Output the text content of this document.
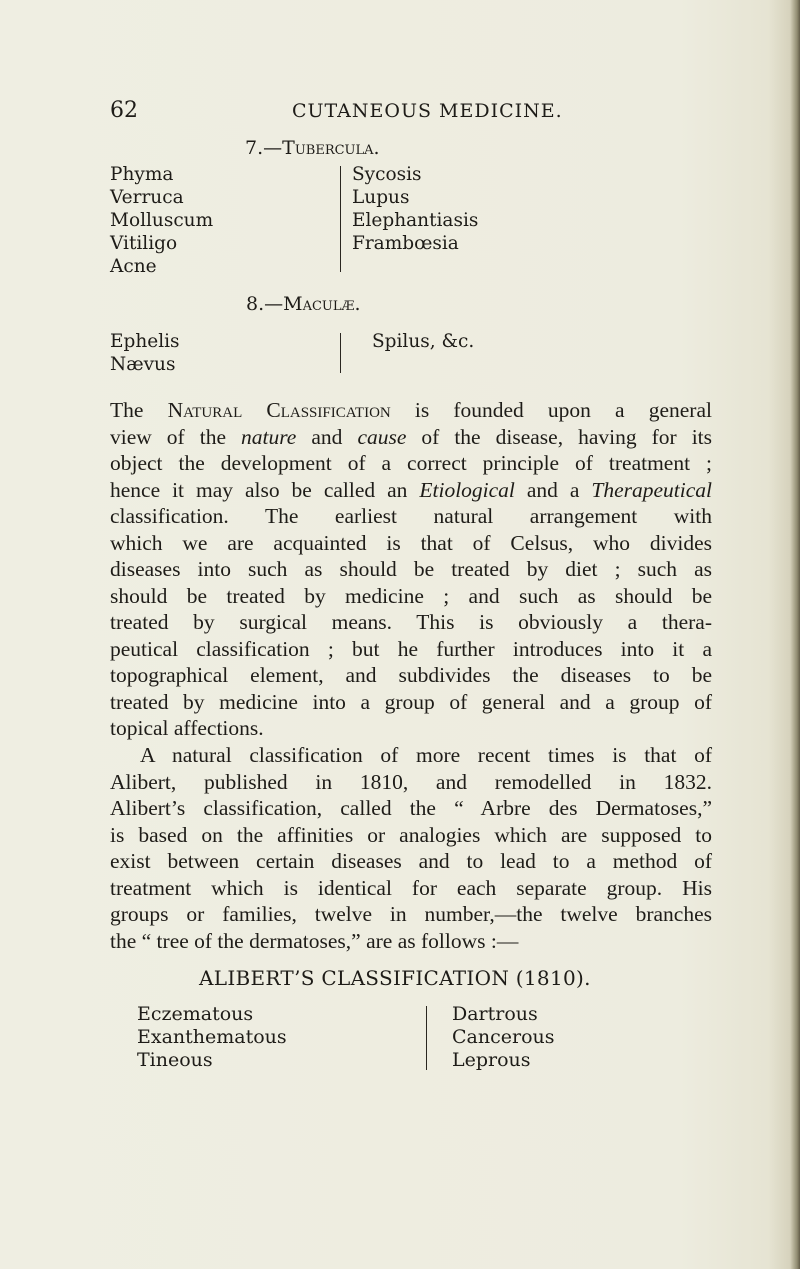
62	CUTANEOUS MEDICINE.
7.—Tubercula.
Phyma
Verruca
Molluscum
Vitiligo
Acne
Sycosis
Lupus
Elephantiasis
Frambœsia
8.—Maculæ.
Ephelis
Nævus
Spilus, &c.
The Natural Classification is founded upon a general
view of the nature and cause of the disease, having for its
object the development of a correct principle of treatment ;
hence it may also be called an Etiological and a Therapeutical
classification. The earliest natural arrangement with
which we are acquainted is that of Celsus, who divides
diseases into such as should be treated by diet ; such as
should be treated by medicine ; and such as should be
treated by surgical means. This is obviously a thera-
peutical classification ; but he further introduces into it a
topographical element, and subdivides the diseases to be
treated by medicine into a group of general and a group of
topical affections.
A natural classification of more recent times is that of
Alibert, published in 1810, and remodelled in 1832.
Alibert’s classification, called the “ Arbre des Dermatoses,”
is based on the affinities or analogies which are supposed to
exist between certain diseases and to lead to a method of
treatment which is identical for each separate group. His
groups or families, twelve in number,—the twelve branches
the “ tree of the dermatoses,” are as follows :—
ALIBERT’S CLASSIFICATION (1810).
Eczematous
Exanthematous
Tineous
Dartrous
Cancerous
Leprous
